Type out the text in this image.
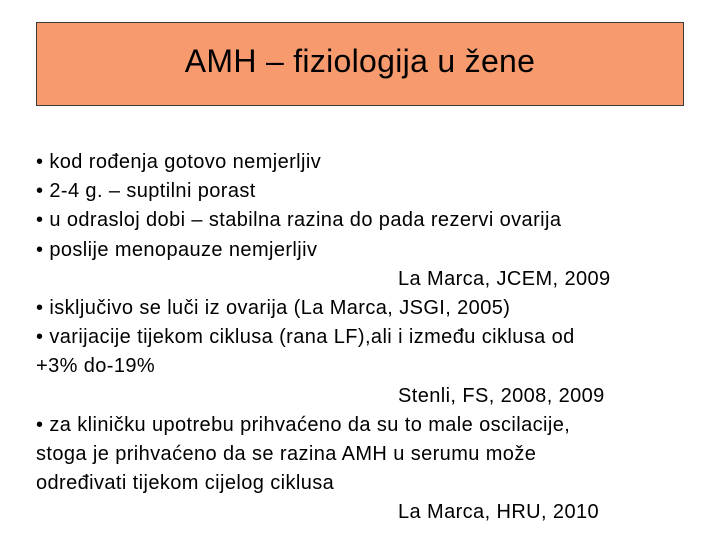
AMH – fiziologija u žene
• kod rođenja gotovo nemjerljiv
• 2-4 g. – suptilni porast
• u odrasloj dobi – stabilna razina do pada rezervi ovarija
• poslije menopauze nemjerljiv
La Marca, JCEM, 2009
• isključivo se luči iz ovarija (La Marca, JSGI, 2005)
• varijacije tijekom ciklusa (rana LF),ali i između ciklusa od
+3% do-19%
Stenli, FS, 2008, 2009
• za kliničku upotrebu prihvaćeno da su to male oscilacije,
stoga je prihvaćeno da se razina AMH u serumu može
određivati tijekom cijelog ciklusa
La Marca, HRU, 2010
